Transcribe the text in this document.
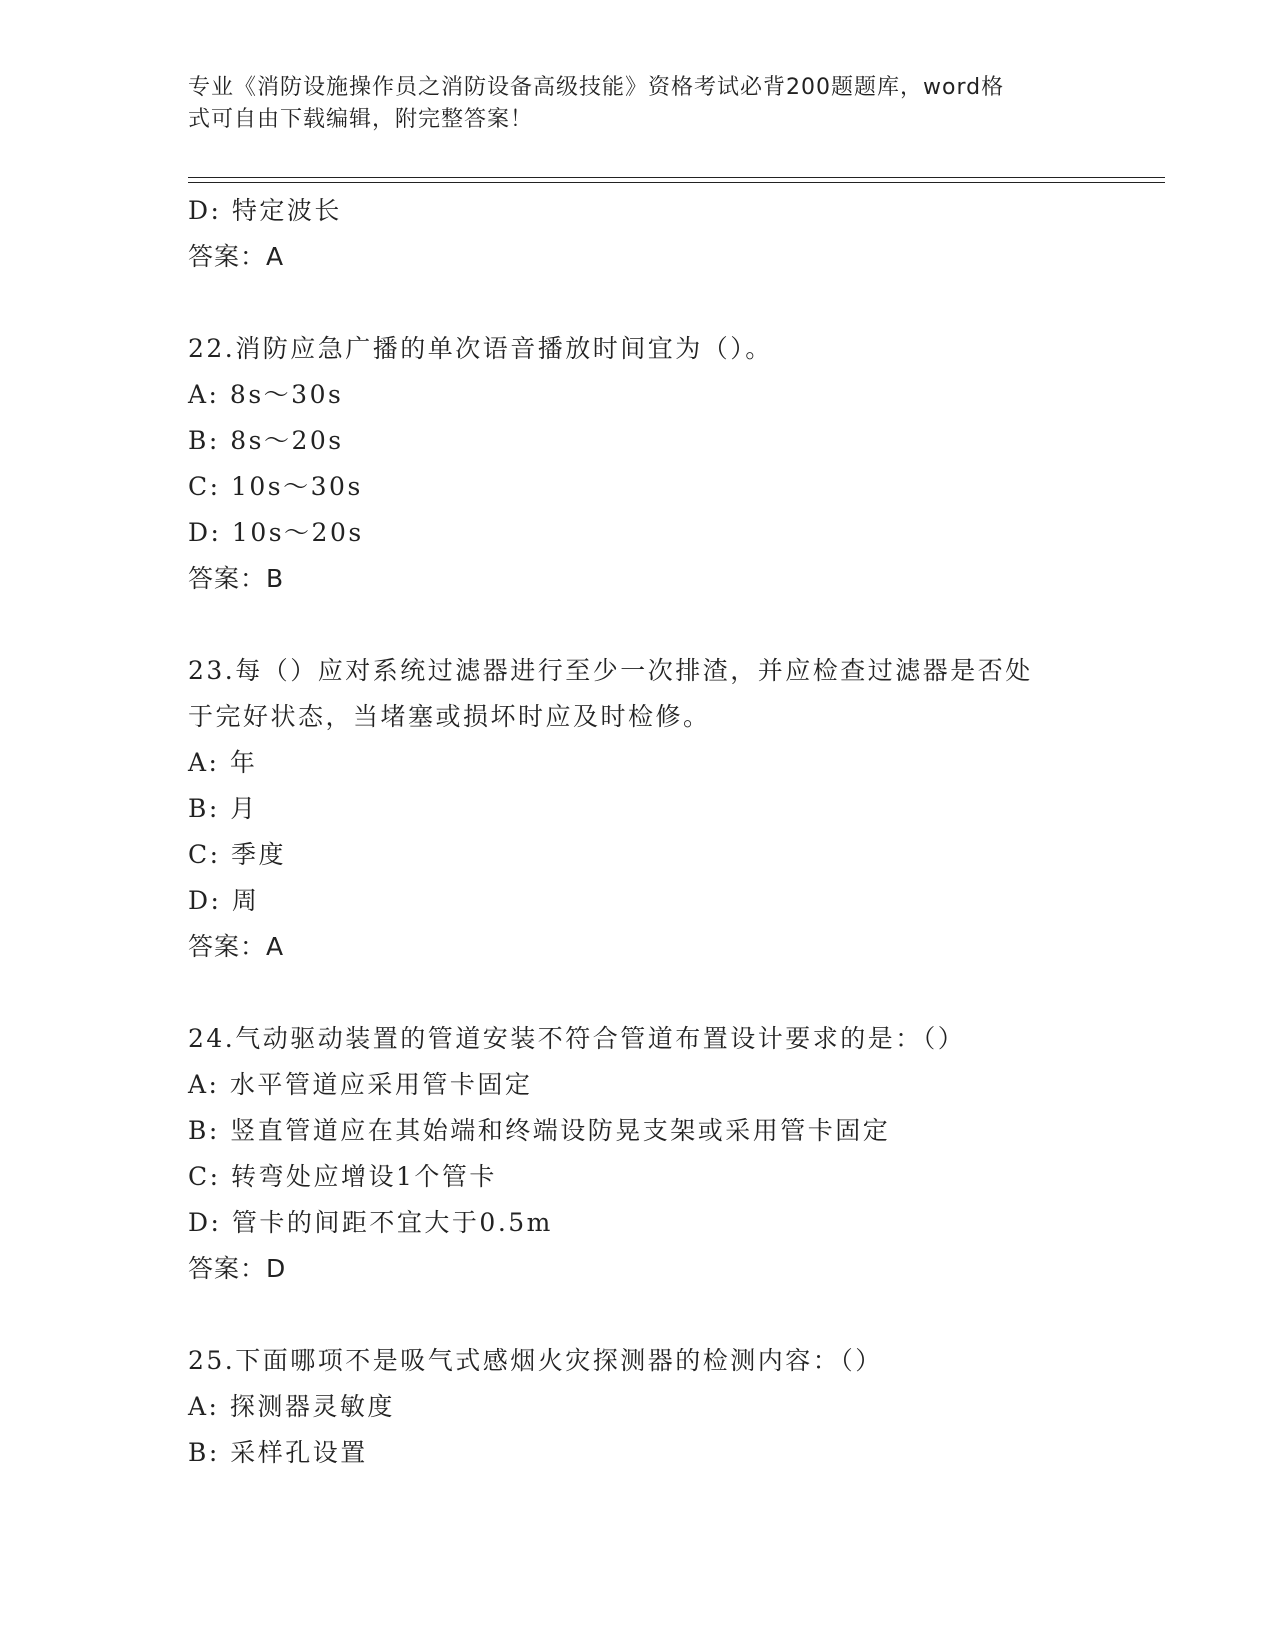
专业《消防设施操作员之消防设备高级技能》资格考试必背200题题库，word格
式可自由下载编辑，附完整答案！
D: 特定波长
答案：A
22.消防应急广播的单次语音播放时间宜为（）。
A: 8s～30s
B: 8s～20s
C: 10s～30s
D: 10s～20s
答案：B
23.每（）应对系统过滤器进行至少一次排渣，并应检查过滤器是否处
于完好状态，当堵塞或损坏时应及时检修。
A: 年
B: 月
C: 季度
D: 周
答案：A
24.气动驱动装置的管道安装不符合管道布置设计要求的是：（）
A: 水平管道应采用管卡固定
B: 竖直管道应在其始端和终端设防晃支架或采用管卡固定
C: 转弯处应增设1个管卡
D: 管卡的间距不宜大于0.5m
答案：D
25.下面哪项不是吸气式感烟火灾探测器的检测内容：（）
A: 探测器灵敏度
B: 采样孔设置
